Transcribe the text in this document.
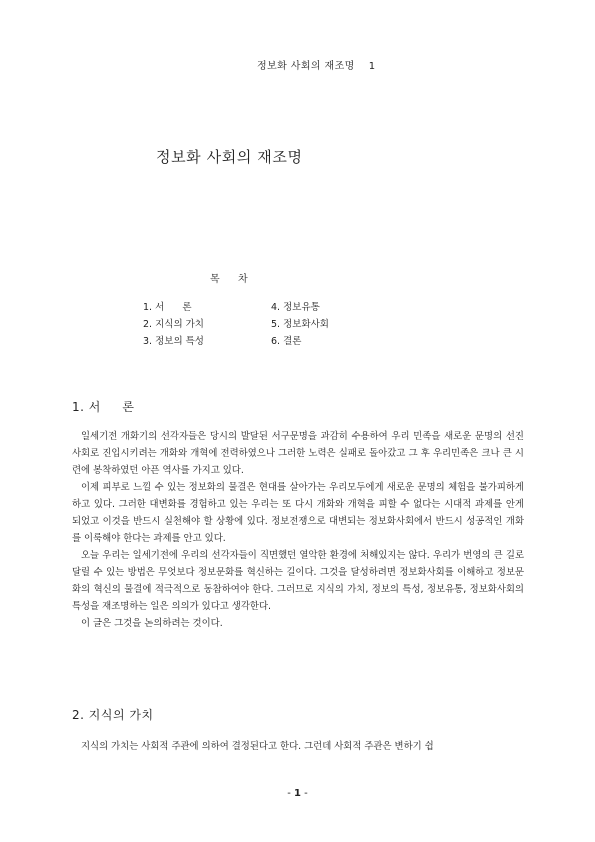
정보화 사회의 재조명 1
정보화 사회의 재조명
목 차
1. 서      론	4. 정보유통
2. 지식의 가치	5. 정보화사회
3. 정보의 특성	6. 결론
1. 서     론

일세기전 개화기의 선각자들은 당시의 발달된 서구문명을 과감히 수용하여 우리 민족을 새로운 문명의 선진사회로 진입시키려는 개화와 개혁에 전력하였으나 그러한 노력은 실패로 돌아갔고 그 후 우리민족은 크나 큰 시련에 봉착하였던 아픈 역사를 가지고 있다.

이제 피부로 느낄 수 있는 정보화의 물결은 현대를 살아가는 우리모두에게 새로운 문명의 체험을 불가피하게 하고 있다. 그러한 대변화를 경험하고 있는 우리는 또 다시 개화와 개혁을 피할 수 없다는 시대적 과제를 안게 되었고 이것을 반드시 실천해야 할 상황에 있다. 정보전쟁으로 대변되는 정보화사회에서 반드시 성공적인 개화를 이룩해야 한다는 과제를 안고 있다.

오늘 우리는 일세기전에 우리의 선각자들이 직면했던 열악한 환경에 처해있지는 않다. 우리가 번영의 큰 길로 달릴 수 있는 방법은 무엇보다 정보문화를 혁신하는 길이다. 그것을 달성하려면 정보화사회를 이해하고 정보문화의 혁신의 물결에 적극적으로 동참하여야 한다. 그러므로 지식의 가치, 정보의 특성, 정보유통, 정보화사회의 특성을 재조명하는 일은 의의가 있다고 생각한다.

이 글은 그것을 논의하려는 것이다.

2. 지식의 가치

지식의 가치는 사회적 주관에 의하여 결정된다고 한다. 그런데 사회적 주관은 변하기 쉽

- 1 -
